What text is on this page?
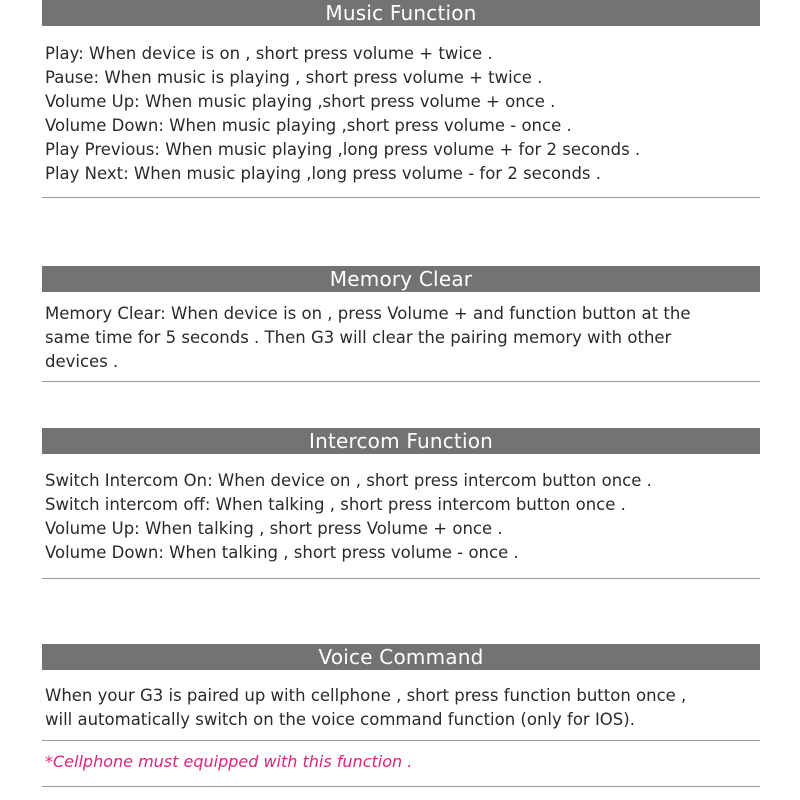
Music Function
Play: When device is on , short press volume + twice .
Pause: When music is playing , short press volume + twice .
Volume Up: When music playing ,short press volume + once .
Volume Down: When music playing ,short press volume - once .
Play Previous: When music playing ,long press volume + for 2 seconds .
Play Next: When music playing ,long press volume - for 2 seconds .
Memory Clear
Memory Clear: When device is on , press Volume + and function button at the
same time for 5 seconds . Then G3 will clear the pairing memory with other
devices .
Intercom Function
Switch Intercom On: When device on , short press intercom button once .
Switch intercom off: When talking , short press intercom button once .
Volume Up: When talking , short press Volume + once .
Volume Down: When talking , short press volume - once .
Voice Command
When your G3 is paired up with cellphone , short press function button once ,
will automatically switch on the voice command function (only for IOS).
*Cellphone must equipped with this function .
